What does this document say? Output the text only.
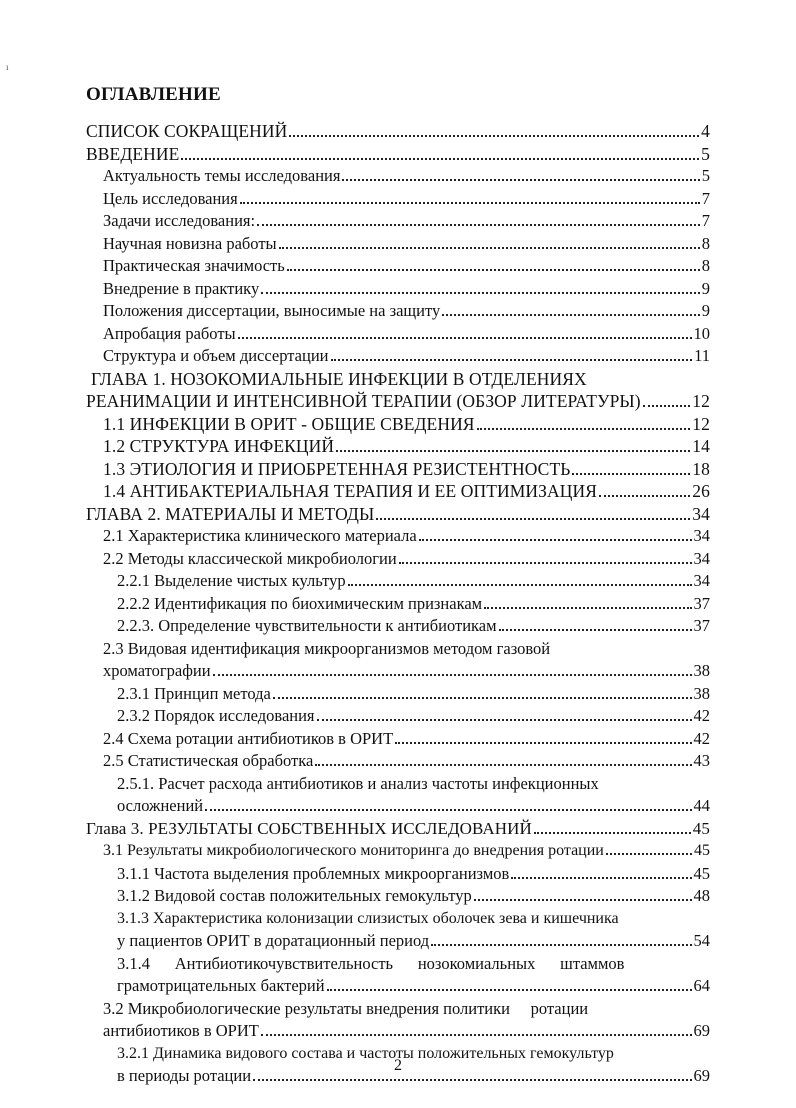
ı
ОГЛАВЛЕНИЕ
СПИСОК СОКРАЩЕНИЙ	4
ВВЕДЕНИЕ	5
Актуальность темы исследования	5
Цель исследования	7
Задачи исследования:	7
Научная новизна работы	8
Практическая значимость	8
Внедрение в практику	9
Положения диссертации, выносимые на защиту	9
Апробация работы	10
Структура и объем диссертации	11
ГЛАВА 1. НОЗОКОМИАЛЬНЫЕ ИНФЕКЦИИ В ОТДЕЛЕНИЯХ
РЕАНИМАЦИИ И ИНТЕНСИВНОЙ ТЕРАПИИ (ОБЗОР ЛИТЕРАТУРЫ)	12
1.1 ИНФЕКЦИИ В ОРИТ - ОБЩИЕ СВЕДЕНИЯ	12
1.2 СТРУКТУРА ИНФЕКЦИЙ	14
1.3 ЭТИОЛОГИЯ И ПРИОБРЕТЕННАЯ РЕЗИСТЕНТНОСТЬ	18
1.4 АНТИБАКТЕРИАЛЬНАЯ ТЕРАПИЯ И ЕЕ ОПТИМИЗАЦИЯ	26
ГЛАВА 2. МАТЕРИАЛЫ И МЕТОДЫ	34
2.1 Характеристика клинического материала	34
2.2 Методы классической микробиологии	34
2.2.1 Выделение чистых культур	34
2.2.2 Идентификация по биохимическим признакам	37
2.2.3. Определение чувствительности к антибиотикам	37
2.3 Видовая идентификация микроорганизмов методом газовой
хроматографии	38
2.3.1 Принцип метода	38
2.3.2 Порядок исследования	42
2.4 Схема ротации антибиотиков в ОРИТ	42
2.5 Статистическая обработка	43
2.5.1. Расчет расхода антибиотиков и анализ частоты инфекционных
осложнений	44
Глава 3. РЕЗУЛЬТАТЫ СОБСТВЕННЫХ ИССЛЕДОВАНИЙ	45
3.1 Результаты микробиологического мониторинга до внедрения ротации	45
3.1.1 Частота выделения проблемных микроорганизмов	45
3.1.2 Видовой состав положительных гемокультур	48
3.1.3 Характеристика колонизации слизистых оболочек зева и кишечника
у пациентов ОРИТ в доратационный период	54
3.1.4      Антибиотикочувствительность      нозокомиальных      штаммов
грамотрицательных бактерий	64
3.2 Микробиологические результаты внедрения политики     ротации
антибиотиков в ОРИТ	69
3.2.1 Динамика видового состава и частоты положительных гемокультур
в периоды ротации	69
2
